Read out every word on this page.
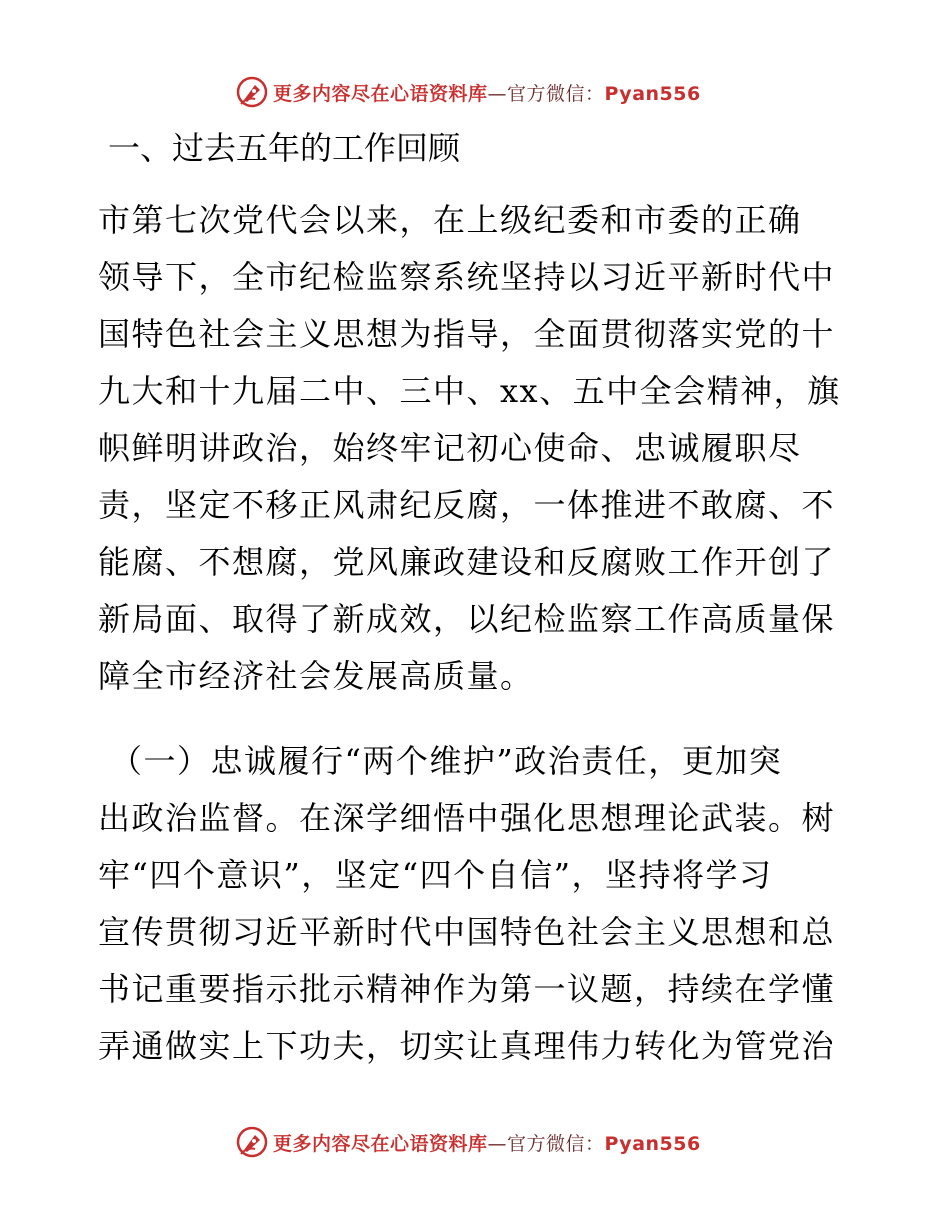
更多内容尽在心语资料库—官方微信：Pyan556
一、过去五年的工作回顾
市第七次党代会以来，在上级纪委和市委的正确
领导下，全市纪检监察系统坚持以习近平新时代中
国特色社会主义思想为指导，全面贯彻落实党的十
九大和十九届二中、三中、xx、五中全会精神，旗
帜鲜明讲政治，始终牢记初心使命、忠诚履职尽
责，坚定不移正风肃纪反腐，一体推进不敢腐、不
能腐、不想腐，党风廉政建设和反腐败工作开创了
新局面、取得了新成效，以纪检监察工作高质量保
障全市经济社会发展高质量。
（一）忠诚履行“两个维护”政治责任，更加突
出政治监督。在深学细悟中强化思想理论武装。树
牢“四个意识”，坚定“四个自信”，坚持将学习
宣传贯彻习近平新时代中国特色社会主义思想和总
书记重要指示批示精神作为第一议题，持续在学懂
弄通做实上下功夫，切实让真理伟力转化为管党治
更多内容尽在心语资料库—官方微信：Pyan556
